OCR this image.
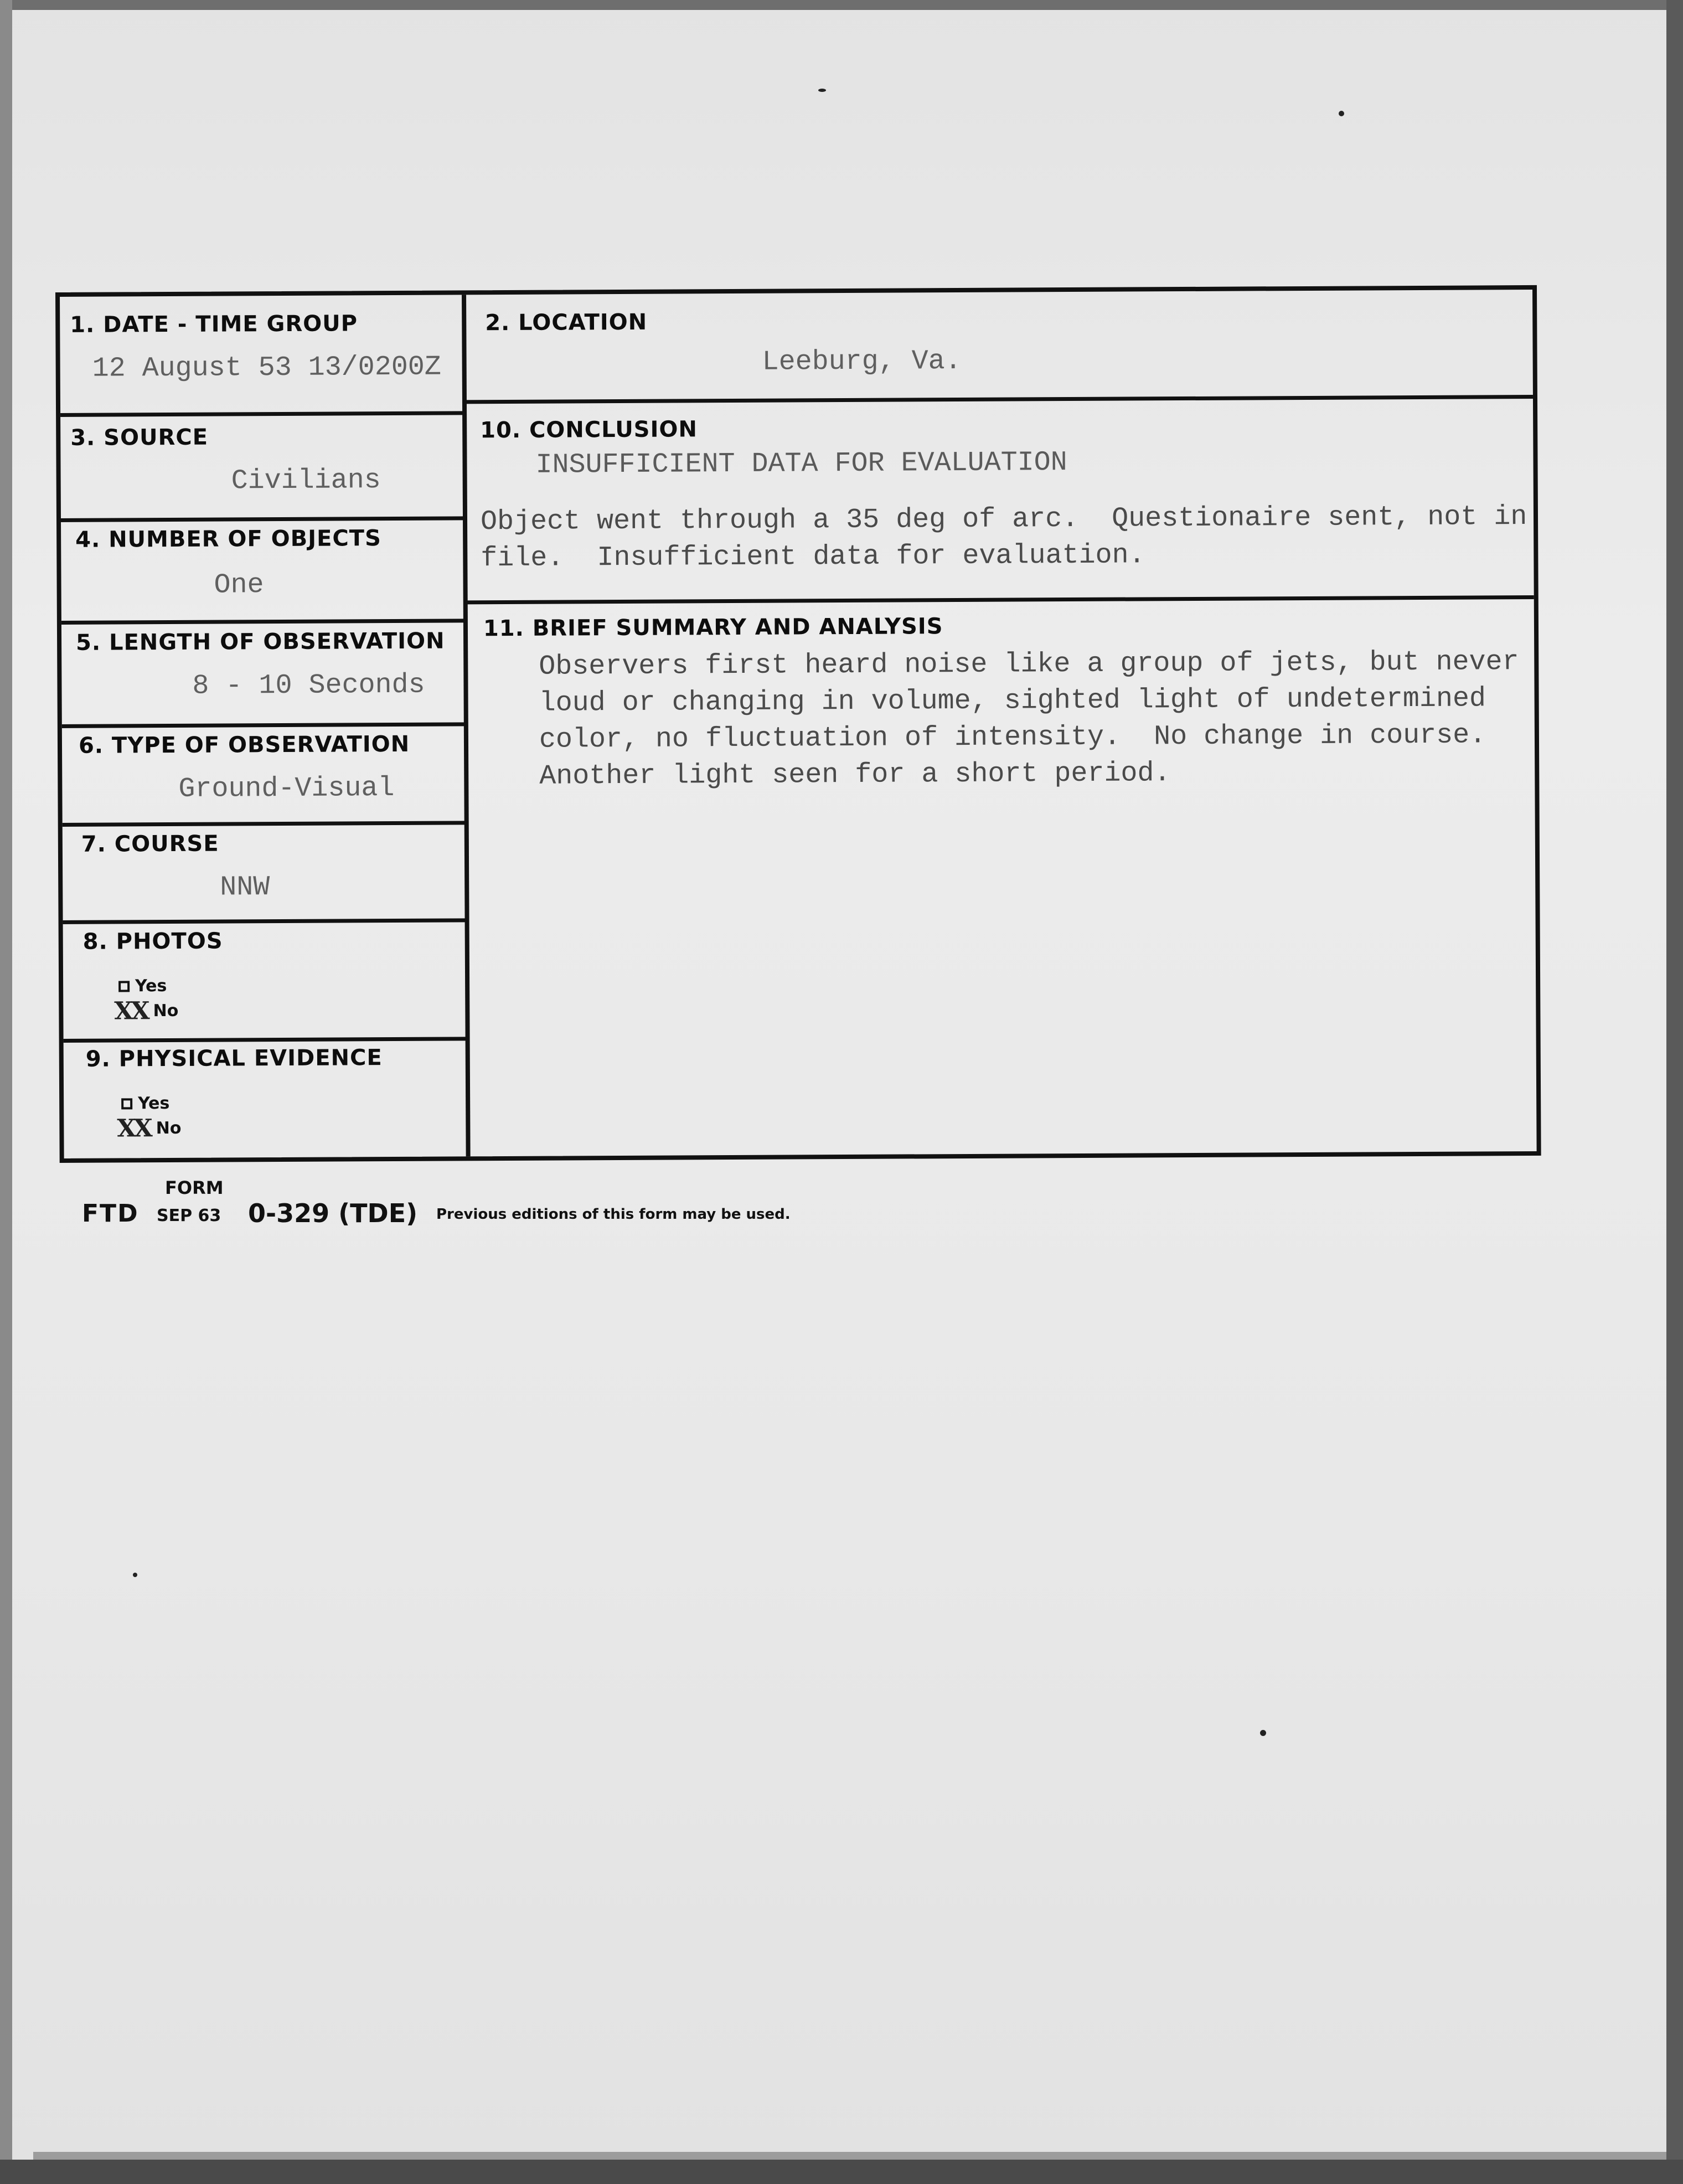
1. DATE - TIME GROUP
12 August 53 13/0200Z
2. LOCATION
Leeburg, Va.
3. SOURCE
Civilians
4. NUMBER OF OBJECTS
One
5. LENGTH OF OBSERVATION
8 - 10 Seconds
6. TYPE OF OBSERVATION
Ground-Visual
7. COURSE
NNW
8. PHOTOS
Yes
XX No
9. PHYSICAL EVIDENCE
Yes
XX No
10. CONCLUSION
INSUFFICIENT DATA FOR EVALUATION
Object went through a 35 deg of arc.  Questionaire sent, not in
file.  Insufficient data for evaluation.
11. BRIEF SUMMARY AND ANALYSIS
Observers first heard noise like a group of jets, but never
loud or changing in volume, sighted light of undetermined
color, no fluctuation of intensity.  No change in course.
Another light seen for a short period.
FORM
FTD SEP 63 0-329 (TDE) Previous editions of this form may be used.
